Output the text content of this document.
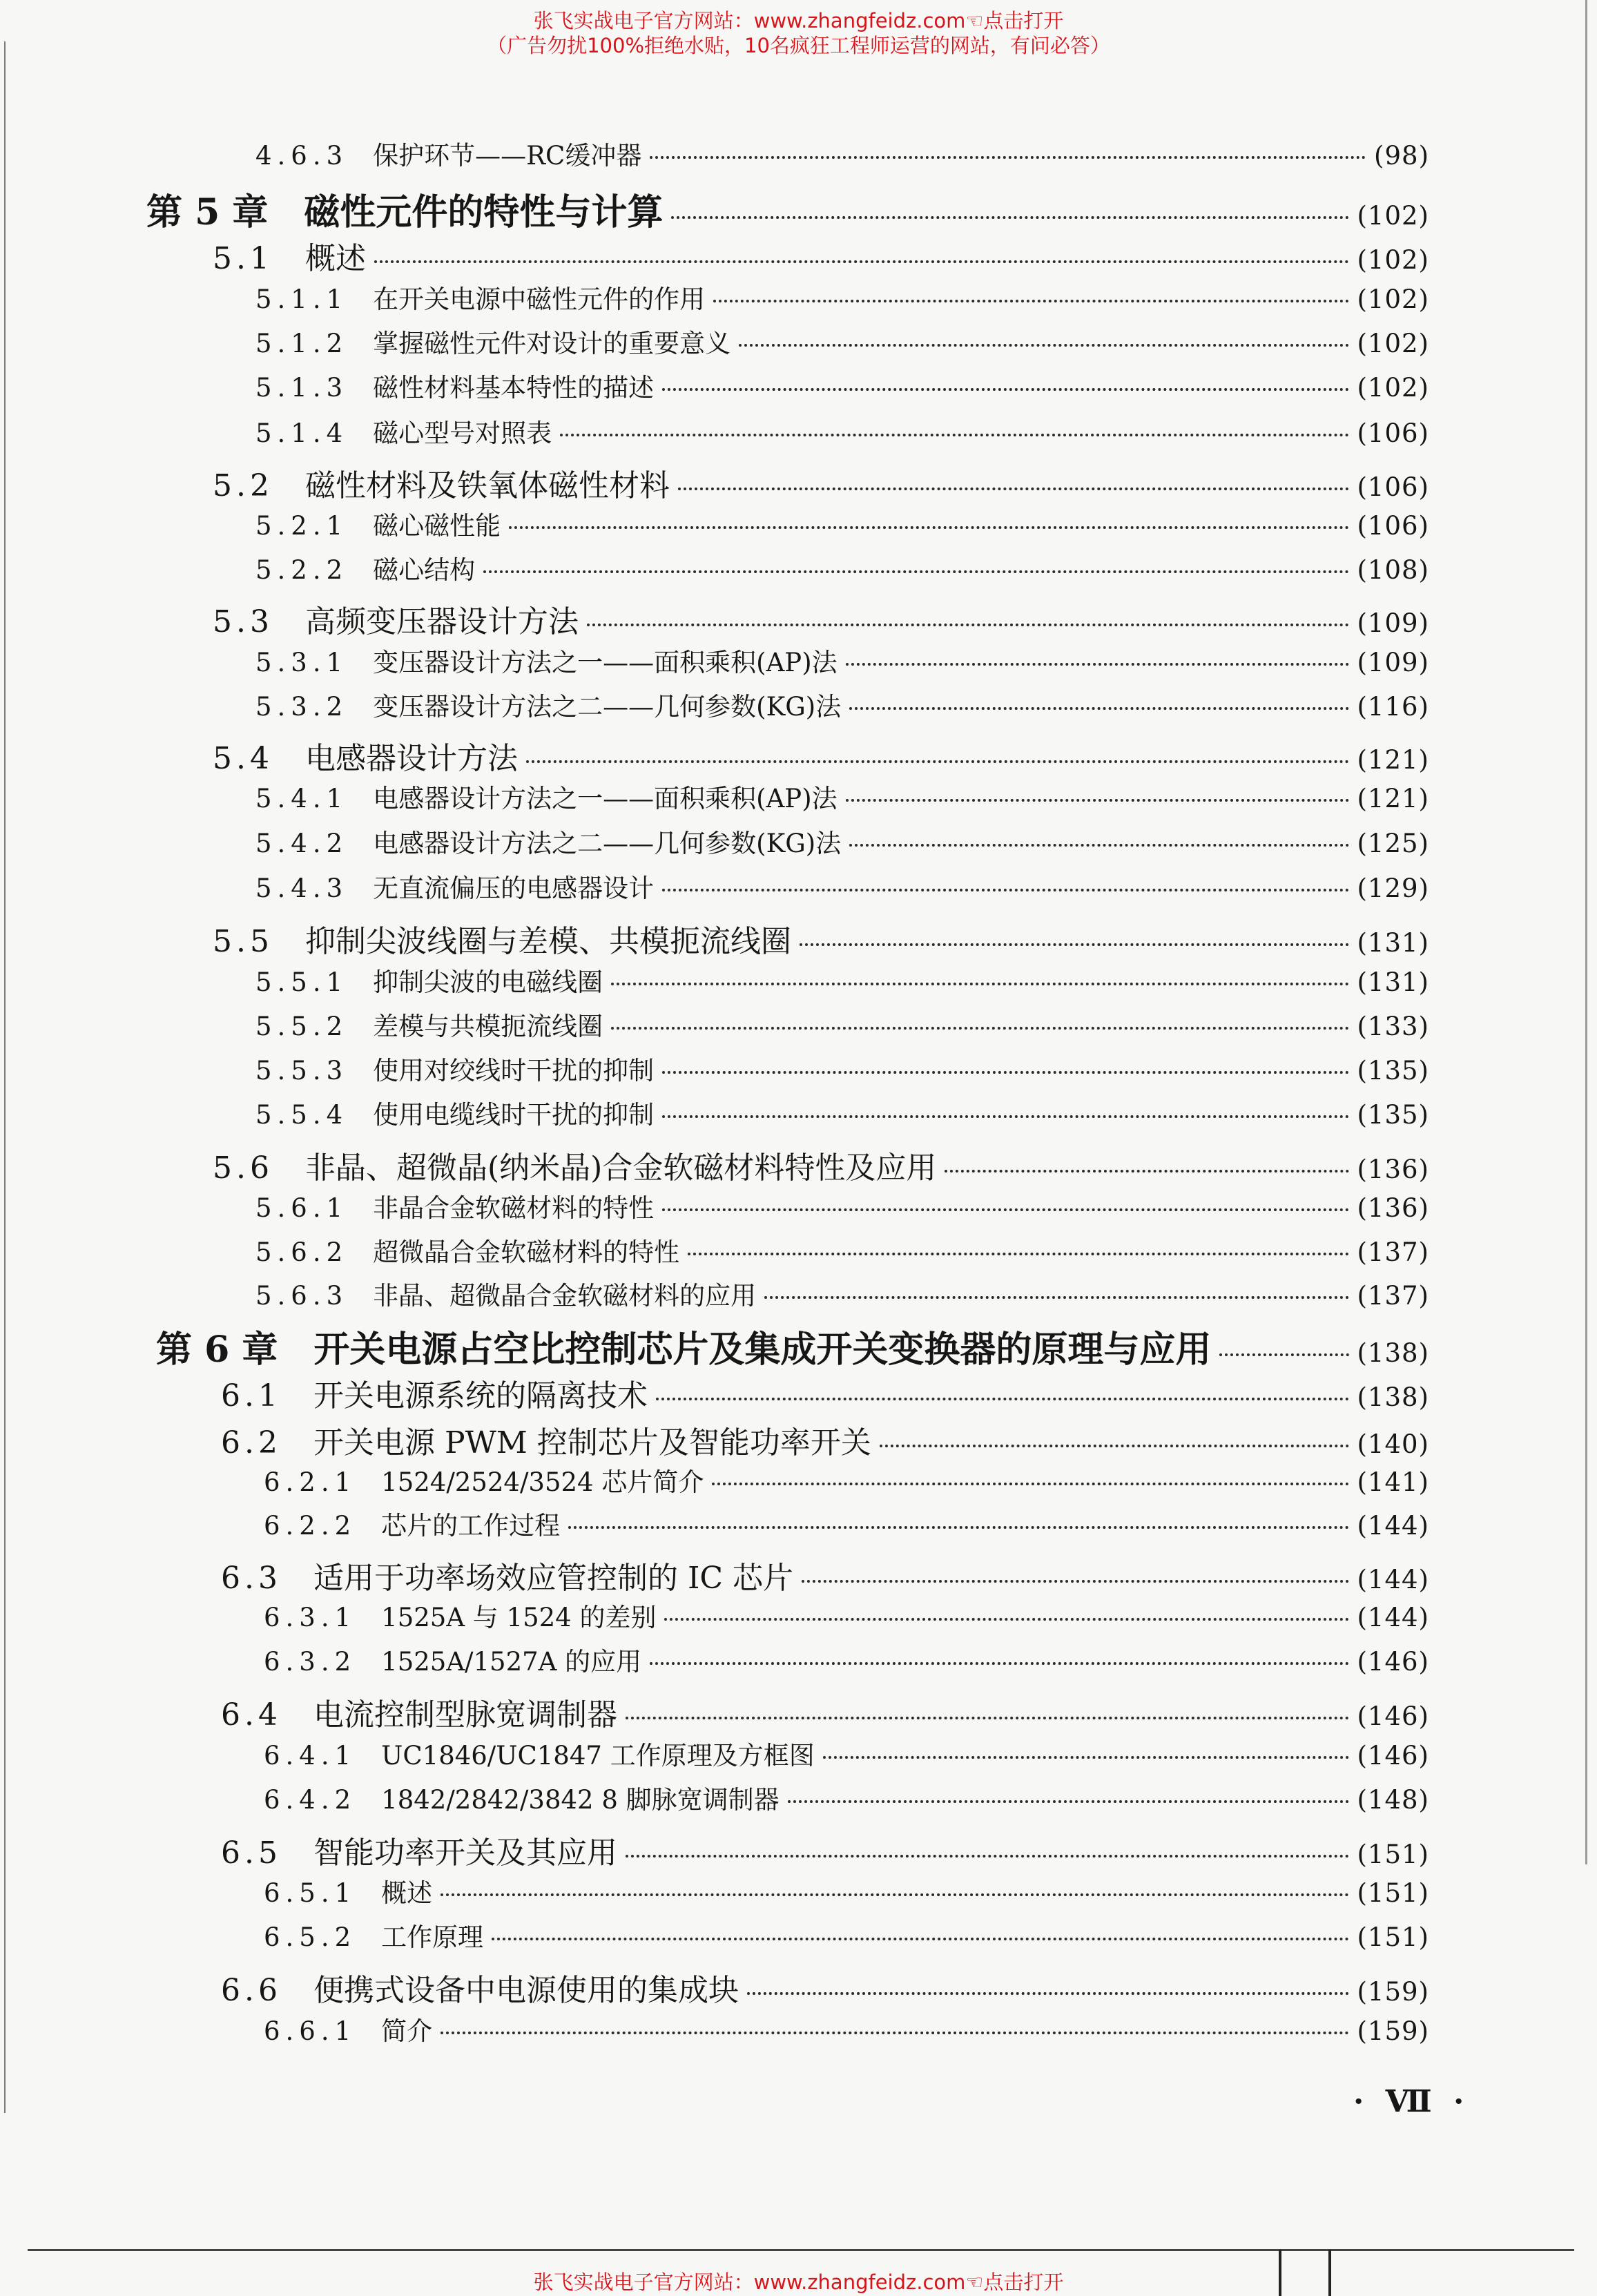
张飞实战电子官方网站：www.zhangfeidz.com☜点击打开
（广告勿扰100%拒绝水贴，10名疯狂工程师运营的网站，有问必答）
4.6.3 保护环节——RC缓冲器	(98)
第 5 章 磁性元件的特性与计算	(102)
5.1 概述	(102)
5.1.1 在开关电源中磁性元件的作用	(102)
5.1.2 掌握磁性元件对设计的重要意义	(102)
5.1.3 磁性材料基本特性的描述	(102)
5.1.4 磁心型号对照表	(106)
5.2 磁性材料及铁氧体磁性材料	(106)
5.2.1 磁心磁性能	(106)
5.2.2 磁心结构	(108)
5.3 高频变压器设计方法	(109)
5.3.1 变压器设计方法之一——面积乘积(AP)法	(109)
5.3.2 变压器设计方法之二——几何参数(KG)法	(116)
5.4 电感器设计方法	(121)
5.4.1 电感器设计方法之一——面积乘积(AP)法	(121)
5.4.2 电感器设计方法之二——几何参数(KG)法	(125)
5.4.3 无直流偏压的电感器设计	(129)
5.5 抑制尖波线圈与差模、共模扼流线圈	(131)
5.5.1 抑制尖波的电磁线圈	(131)
5.5.2 差模与共模扼流线圈	(133)
5.5.3 使用对绞线时干扰的抑制	(135)
5.5.4 使用电缆线时干扰的抑制	(135)
5.6 非晶、超微晶(纳米晶)合金软磁材料特性及应用	(136)
5.6.1 非晶合金软磁材料的特性	(136)
5.6.2 超微晶合金软磁材料的特性	(137)
5.6.3 非晶、超微晶合金软磁材料的应用	(137)
第 6 章 开关电源占空比控制芯片及集成开关变换器的原理与应用	(138)
6.1 开关电源系统的隔离技术	(138)
6.2 开关电源 PWM 控制芯片及智能功率开关	(140)
6.2.1 1524/2524/3524 芯片简介	(141)
6.2.2 芯片的工作过程	(144)
6.3 适用于功率场效应管控制的 IC 芯片	(144)
6.3.1 1525A 与 1524 的差别	(144)
6.3.2 1525A/1527A 的应用	(146)
6.4 电流控制型脉宽调制器	(146)
6.4.1 UC1846/UC1847 工作原理及方框图	(146)
6.4.2 1842/2842/3842 8 脚脉宽调制器	(148)
6.5 智能功率开关及其应用	(151)
6.5.1 概述	(151)
6.5.2 工作原理	(151)
6.6 便携式设备中电源使用的集成块	(159)
6.6.1 简介	(159)
· Ⅶ ·
张飞实战电子官方网站：www.zhangfeidz.com☜点击打开
